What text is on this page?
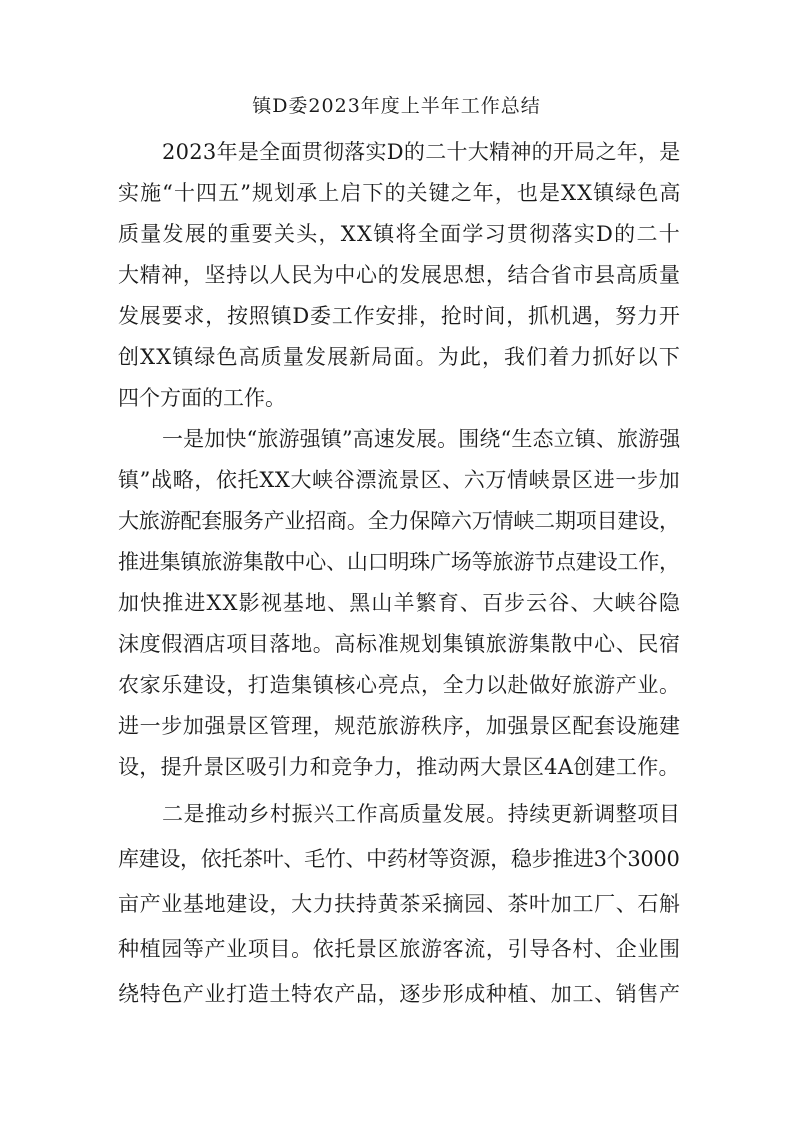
镇D委2023年度上半年工作总结
2023年是全面贯彻落实D的二十大精神的开局之年，是
实施“十四五”规划承上启下的关键之年，也是XX镇绿色高
质量发展的重要关头，XX镇将全面学习贯彻落实D的二十
大精神，坚持以人民为中心的发展思想，结合省市县高质量
发展要求，按照镇D委工作安排，抢时间，抓机遇，努力开
创XX镇绿色高质量发展新局面。为此，我们着力抓好以下
四个方面的工作。
一是加快“旅游强镇”高速发展。围绕“生态立镇、旅游强
镇”战略，依托XX大峡谷漂流景区、六万情峡景区进一步加
大旅游配套服务产业招商。全力保障六万情峡二期项目建设，
推进集镇旅游集散中心、山口明珠广场等旅游节点建设工作，
加快推进XX影视基地、黑山羊繁育、百步云谷、大峡谷隐
沫度假酒店项目落地。高标准规划集镇旅游集散中心、民宿
农家乐建设，打造集镇核心亮点，全力以赴做好旅游产业。
进一步加强景区管理，规范旅游秩序，加强景区配套设施建
设，提升景区吸引力和竞争力，推动两大景区4A创建工作。
二是推动乡村振兴工作高质量发展。持续更新调整项目
库建设，依托茶叶、毛竹、中药材等资源，稳步推进3个3000
亩产业基地建设，大力扶持黄茶采摘园、茶叶加工厂、石斛
种植园等产业项目。依托景区旅游客流，引导各村、企业围
绕特色产业打造土特农产品，逐步形成种植、加工、销售产
